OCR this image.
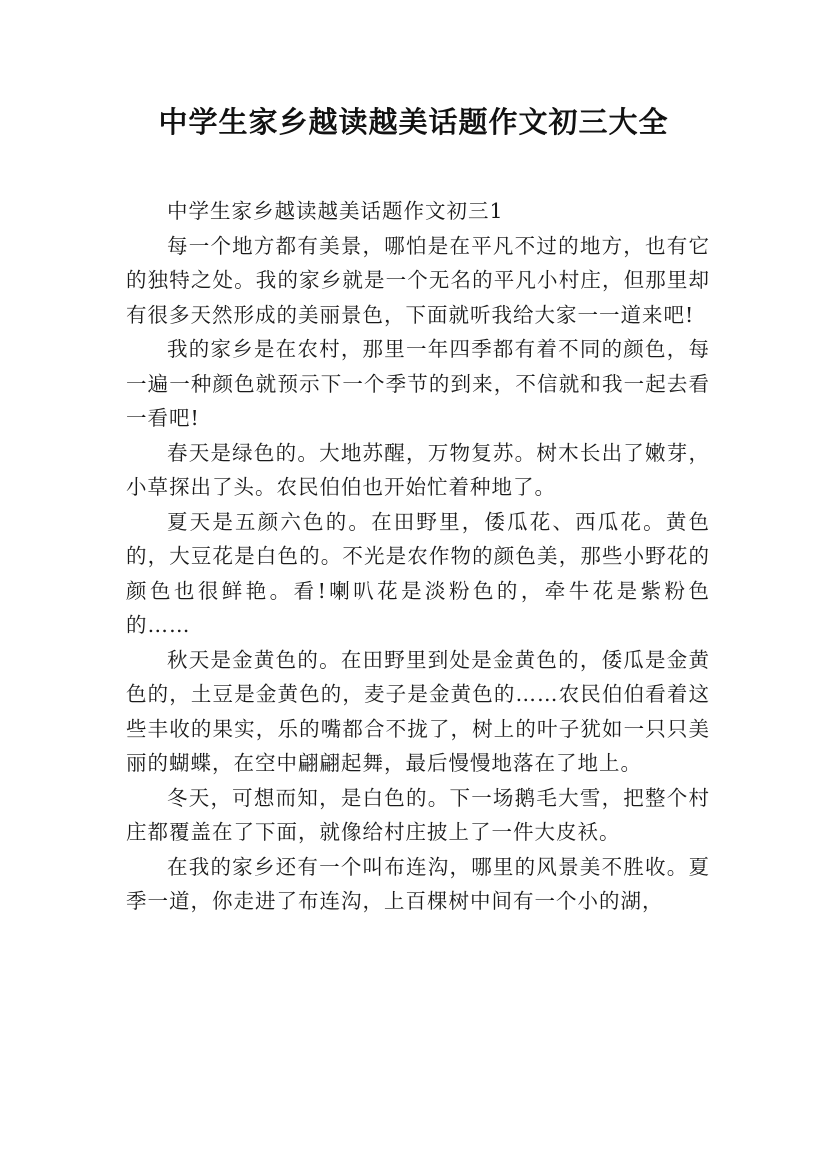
中学生家乡越读越美话题作文初三大全

中学生家乡越读越美话题作文初三1

每一个地方都有美景，哪怕是在平凡不过的地方，也有它的独特之处。我的家乡就是一个无名的平凡小村庄，但那里却有很多天然形成的美丽景色，下面就听我给大家一一道来吧!

我的家乡是在农村，那里一年四季都有着不同的颜色，每一遍一种颜色就预示下一个季节的到来，不信就和我一起去看一看吧!

春天是绿色的。大地苏醒，万物复苏。树木长出了嫩芽，小草探出了头。农民伯伯也开始忙着种地了。

夏天是五颜六色的。在田野里，倭瓜花、西瓜花。黄色的，大豆花是白色的。不光是农作物的颜色美，那些小野花的颜色也很鲜艳。看!喇叭花是淡粉色的，牵牛花是紫粉色的……

秋天是金黄色的。在田野里到处是金黄色的，倭瓜是金黄色的，土豆是金黄色的，麦子是金黄色的……农民伯伯看着这些丰收的果实，乐的嘴都合不拢了，树上的叶子犹如一只只美丽的蝴蝶，在空中翩翩起舞，最后慢慢地落在了地上。

冬天，可想而知，是白色的。下一场鹅毛大雪，把整个村庄都覆盖在了下面，就像给村庄披上了一件大皮袄。

在我的家乡还有一个叫布连沟，哪里的风景美不胜收。夏季一道，你走进了布连沟，上百棵树中间有一个小的湖，
